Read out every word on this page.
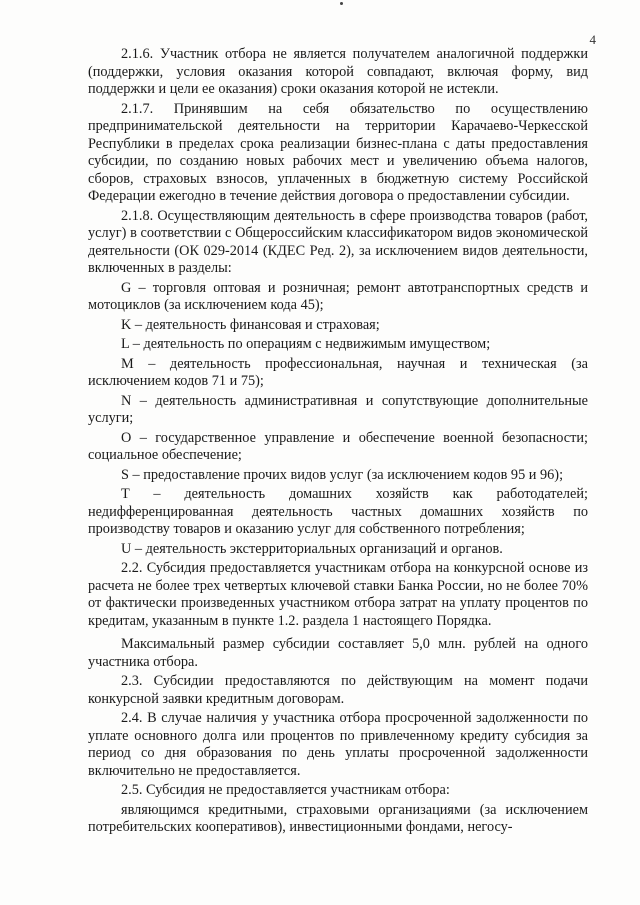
4

2.1.6. Участник отбора не является получателем аналогичной поддержки (поддержки, условия оказания которой совпадают, включая форму, вид поддержки и цели ее оказания) сроки оказания которой не истекли.

2.1.7. Принявшим на себя обязательство по осуществлению предпринимательской деятельности на территории Карачаево-Черкесской Республики в пределах срока реализации бизнес-плана с даты предоставления субсидии, по созданию новых рабочих мест и увеличению объема налогов, сборов, страховых взносов, уплаченных в бюджетную систему Российской Федерации ежегодно в течение действия договора о предоставлении субсидии.

2.1.8. Осуществляющим деятельность в сфере производства товаров (работ, услуг) в соответствии с Общероссийским классификатором видов экономической деятельности (ОК 029-2014 (КДЕС Ред. 2), за исключением видов деятельности, включенных в разделы:

G – торговля оптовая и розничная; ремонт автотранспортных средств и мотоциклов (за исключением кода 45);

K – деятельность финансовая и страховая;

L – деятельность по операциям с недвижимым имуществом;

M – деятельность профессиональная, научная и техническая (за исключением кодов 71 и 75);

N – деятельность административная и сопутствующие дополнительные услуги;

O – государственное управление и обеспечение военной безопасности; социальное обеспечение;

S – предоставление прочих видов услуг (за исключением кодов 95 и 96);

T – деятельность домашних хозяйств как работодателей; недифференцированная деятельность частных домашних хозяйств по производству товаров и оказанию услуг для собственного потребления;

U – деятельность экстерриториальных организаций и органов.

2.2. Субсидия предоставляется участникам отбора на конкурсной основе из расчета не более трех четвертых ключевой ставки Банка России, но не более 70% от фактически произведенных участником отбора затрат на уплату процентов по кредитам, указанным в пункте 1.2. раздела 1 настоящего Порядка.

Максимальный размер субсидии составляет 5,0 млн. рублей на одного участника отбора.

2.3. Субсидии предоставляются по действующим на момент подачи конкурсной заявки кредитным договорам.

2.4. В случае наличия у участника отбора просроченной задолженности по уплате основного долга или процентов по привлеченному кредиту субсидия за период со дня образования по день уплаты просроченной задолженности включительно не предоставляется.

2.5. Субсидия не предоставляется участникам отбора:

являющимся кредитными, страховыми организациями (за исключением потребительских кооперативов), инвестиционными фондами, негосу-
